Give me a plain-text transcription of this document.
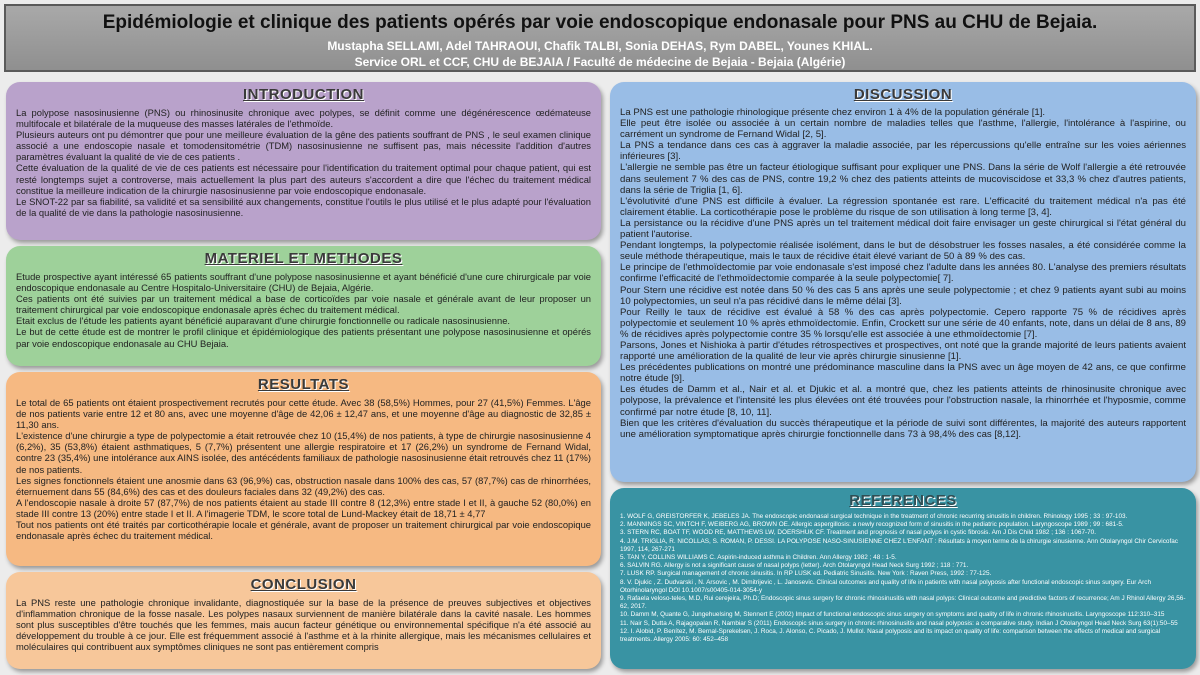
Epidémiologie et clinique des patients opérés par voie endoscopique endonasale pour PNS au CHU de Bejaia.
Mustapha SELLAMI, Adel TAHRAOUI, Chafik TALBI, Sonia DEHAS, Rym DABEL, Younes KHIAL.
Service ORL et CCF, CHU de BEJAIA / Faculté de médecine de Bejaia - Bejaia (Algérie)
INTRODUCTION

La polypose nasosinusienne (PNS) ou rhinosinusite chronique avec polypes, se définit comme une dégénérescence œdémateuse multifocale et bilatérale de la muqueuse des masses latérales de l'ethmoïde.

Plusieurs auteurs ont pu démontrer que pour une meilleure évaluation de la gêne des patients souffrant de PNS , le seul examen clinique associé a une endoscopie nasale et tomodensitométrie (TDM) nasosinusienne ne suffisent pas, mais nécessite l'addition d'autres paramètres évaluant la qualité de vie de ces patients .

Cette évaluation de la qualité de vie de ces patients est nécessaire pour l'identification du traitement optimal pour chaque patient, qui est resté longtemps sujet a controverse, mais actuellement la plus part des auteurs s'accordent a dire que l'échec du traitement médical constitue la meilleure indication de la chirurgie nasosinusienne par voie endoscopique endonasale.

Le SNOT-22 par sa fiabilité, sa validité et sa sensibilité aux changements, constitue l'outils le plus utilisé et le plus adapté pour l'évaluation de la qualité de vie dans la pathologie nasosinusienne.

MATERIEL ET METHODES

Etude prospective ayant intéressé 65 patients souffrant d'une polypose nasosinusienne et ayant bénéficié d'une cure chirurgicale par voie endoscopique endonasale au Centre Hospitalo-Universitaire (CHU) de Bejaia, Algérie.

Ces patients ont été suivies par un traitement médical a base de corticoïdes par voie nasale et générale avant de leur proposer un traitement chirurgical par voie endoscopique endonasale après échec du traitement médical.

Etait exclus de l'étude les patients ayant bénéficié auparavant d'une chirurgie fonctionnelle ou radicale nasosinusienne.

Le but de cette étude est de montrer le profil clinique et épidémiologique des patients présentant une polypose nasosinusienne et opérés par voie endoscopique endonasale au CHU Bejaia.

RESULTATS

Le total de 65 patients ont étaient prospectivement recrutés pour cette étude. Avec 38 (58,5%) Hommes, pour 27 (41,5%) Femmes. L'âge de nos patients varie entre 12 et 80 ans, avec une moyenne d'âge de 42,06 ± 12,47 ans, et une moyenne d'âge au diagnostic de 32,85 ± 11,30 ans.

L'existence d'une chirurgie a type de polypectomie a était retrouvée chez 10 (15,4%) de nos patients, à type de chirurgie nasosinusienne 4 (6,2%), 35 (53,8%) étaient asthmatiques, 5 (7,7%) présentent une allergie respiratoire et 17 (26,2%) un syndrome de Fernand Widal, contre 23 (35,4%) une intolérance aux AINS isolée, des antécédents familiaux de pathologie nasosinusienne était retrouvés chez 11 (17%) de nos patients.

Les signes fonctionnels étaient une anosmie dans 63 (96,9%) cas, obstruction nasale dans 100% des cas, 57 (87,7%) cas de rhinorrhées, éternuement dans 55 (84,6%) des cas et des douleurs faciales dans 32 (49,2%) des cas.

A l'endoscopie nasale à droite 57 (87,7%) de nos patients étaient au stade III contre 8 (12,3%) entre stade I et II, à gauche 52 (80,0%) en stade III contre 13 (20%) entre stade I et II. A l'imagerie TDM, le score total de Lund-Mackey était de 18,71 ± 4,77

Tout nos patients ont été traités par corticothérapie locale et générale, avant de proposer un traitement chirurgical par voie endoscopique endonasale après échec du traitement médical.

CONCLUSION

La PNS reste une pathologie chronique invalidante, diagnostiquée sur la base de la présence de preuves subjectives et objectives d'inflammation chronique de la fosse nasale. Les polypes nasaux surviennent de manière bilatérale dans la cavité nasale. Les hommes sont plus susceptibles d'être touchés que les femmes, mais aucun facteur génétique ou environnemental spécifique n'a été associé au développement du trouble à ce jour. Elle est fréquemment associé à l'asthme et à la rhinite allergique, mais les mécanismes cellulaires et moléculaires qui contribuent aux symptômes cliniques ne sont pas entièrement compris

DISCUSSION

La PNS est une pathologie rhinologique présente chez environ 1 à 4% de la population générale [1].

Elle peut être isolée ou associée à un certain nombre de maladies telles que l'asthme, l'allergie, l'intolérance à l'aspirine, ou carrément un syndrome de Fernand Widal [2, 5].

La PNS a tendance dans ces cas à aggraver la maladie associée, par les répercussions qu'elle entraîne sur les voies aériennes inférieures [3].

L'allergie ne semble pas être un facteur étiologique suffisant pour expliquer une PNS. Dans la série de Wolf l'allergie a été retrouvée dans seulement 7 % des cas de PNS, contre 19,2 % chez des patients atteints de mucoviscidose et 33,3 % chez d'autres patients, dans la série de Triglia [1, 6].

L'évolutivité d'une PNS est difficile à évaluer. La régression spontanée est rare. L'efficacité du traitement médical n'a pas été clairement établie. La corticothérapie pose le problème du risque de son utilisation à long terme [3, 4].

La persistance ou la récidive d'une PNS après un tel traitement médical doit faire envisager un geste chirurgical si l'état général du patient l'autorise.

Pendant longtemps, la polypectomie réalisée isolément, dans le but de désobstruer les fosses nasales, a été considérée comme la seule méthode thérapeutique, mais le taux de récidive était élevé variant de 50 à 89 % des cas.

Le principe de l'ethmoïdectomie par voie endonasale s'est imposé chez l'adulte dans les années 80. L'analyse des premiers résultats confirme l'efficacité de l'ethmoïdectomie comparée à la seule polypectomie[ 7].

Pour Stern une récidive est notée dans 50 % des cas 5 ans après une seule polypectomie ; et chez 9 patients ayant subi au moins 10 polypectomies, un seul n'a pas récidivé dans le même délai [3].

Pour Reilly le taux de récidive est évalué à 58 % des cas après polypectomie. Cepero rapporte 75 % de récidives après polypectomie et seulement 10 % après ethmoïdectomie. Enfin, Crockett sur une série de 40 enfants, note, dans un délai de 8 ans, 89 % de récidives après polypectomie contre 35 % lorsqu'elle est associée à une ethmoïdectomie [7].

Parsons, Jones et Nishioka à partir d'études rétrospectives et prospectives, ont noté que la grande majorité de leurs patients avaient rapporté une amélioration de la qualité de leur vie après chirurgie sinusienne [1].

Les précédentes publications on montré une prédominance masculine dans la PNS avec un âge moyen de 42 ans, ce que confirme notre étude [9].

Les études de Damm et al., Nair et al. et Djukic et al. a montré que, chez les patients atteints de rhinosinusite chronique avec polypose, la prévalence et l'intensité les plus élevées ont été trouvées pour l'obstruction nasale, la rhinorrhée et l'hyposmie, comme confirmé par notre étude [8, 10, 11].

Bien que les critères d'évaluation du succès thérapeutique et la période de suivi sont différentes, la majorité des auteurs rapportent une amélioration symptomatique après chirurgie fonctionnelle dans 73 à 98,4% des cas [8,12].

REFERENCES
1. WOLF G, GREISTORFER K, JEBELES JA. The endoscopic endonasal surgical technique in the treatment of chronic recurring sinusitis in children. Rhinology 1995 ; 33 : 97-103.
2. MANNINGS SC, VINTCH F, WEIBERG AG, BROWN OE. Allergic aspergillosis: a newly recognized form of sinusitis in the pediatric population. Laryngoscope 1989 ; 99 : 681-5.
3. STERN RC, BOAT TF, WOOD RE, MATTHEWS LW, DOERSHUK CF. Treatment and prognosis of nasal polyps in cystic fibrosis. Am J Dis Child 1982 ; 136 : 1067-70.
4. J.M. TRIGLIA, R. NICOLLAS, S. ROMAN, P. DESSI. LA POLYPOSE NASO-SINUSIENNE CHEZ L'ENFANT : Résultats à moyen terme de la chirurgie sinusienne. Ann Otolaryngol Chir Cervicofac 1997, 114, 267-271
5. TAN Y, COLLINS WILLIAMS C. Aspirin-induced asthma in Children. Ann Allergy 1982 ; 48 : 1-5.
6. SALVIN RG. Allergy is not a significant cause of nasal polyps (letter). Arch Otolaryngol Head Neck Surg 1992 ; 118 : 771.
7. LUSK RP. Surgical management of chronic sinusitis. In RP LUSK ed. Pediatric Sinusitis. New York : Raven Press, 1992 : 77-125.
8. V. Djukic , Z. Dudvarski , N. Arsovic , M. Dimitrijevic , L. Janosevic. Clinical outcomes and quality of life in patients with nasal polyposis after functional endoscopic sinus surgery. Eur Arch Otorhinolaryngol DOI 10.1007/s00405-014-3054-y
9. Rafaela veloso-teles, M.D, Rui cerejeira, Ph.D; Endoscopic sinus surgery for chronic rhinosinusitis with nasal polyps: Clinical outcome and predictive factors of recurrence; Am J Rhinol Allergy 26,56-62, 2017.
10. Damm M, Quante G, Jungehuelsing M, Stennert E (2002) Impact of functional endoscopic sinus surgery on symptoms and quality of life in chronic rhinosinusitis. Laryngoscope 112:310–315
11. Nair S, Dutta A, Rajagopalan R, Nambiar S (2011) Endoscopic sinus surgery in chronic rhinosinusitis and nasal polyposis: a comparative study. Indian J Otolaryngol Head Neck Surg 63(1):50–55
12. I. Alobid, P. Benítez, M. Bernal-Sprekelsen, J. Roca, J. Alonso, C. Picado, J. Mullol. Nasal polyposis and its impact on quality of life: comparison between the effects of medical and surgical treatments. Allergy 2005: 60: 452–458
